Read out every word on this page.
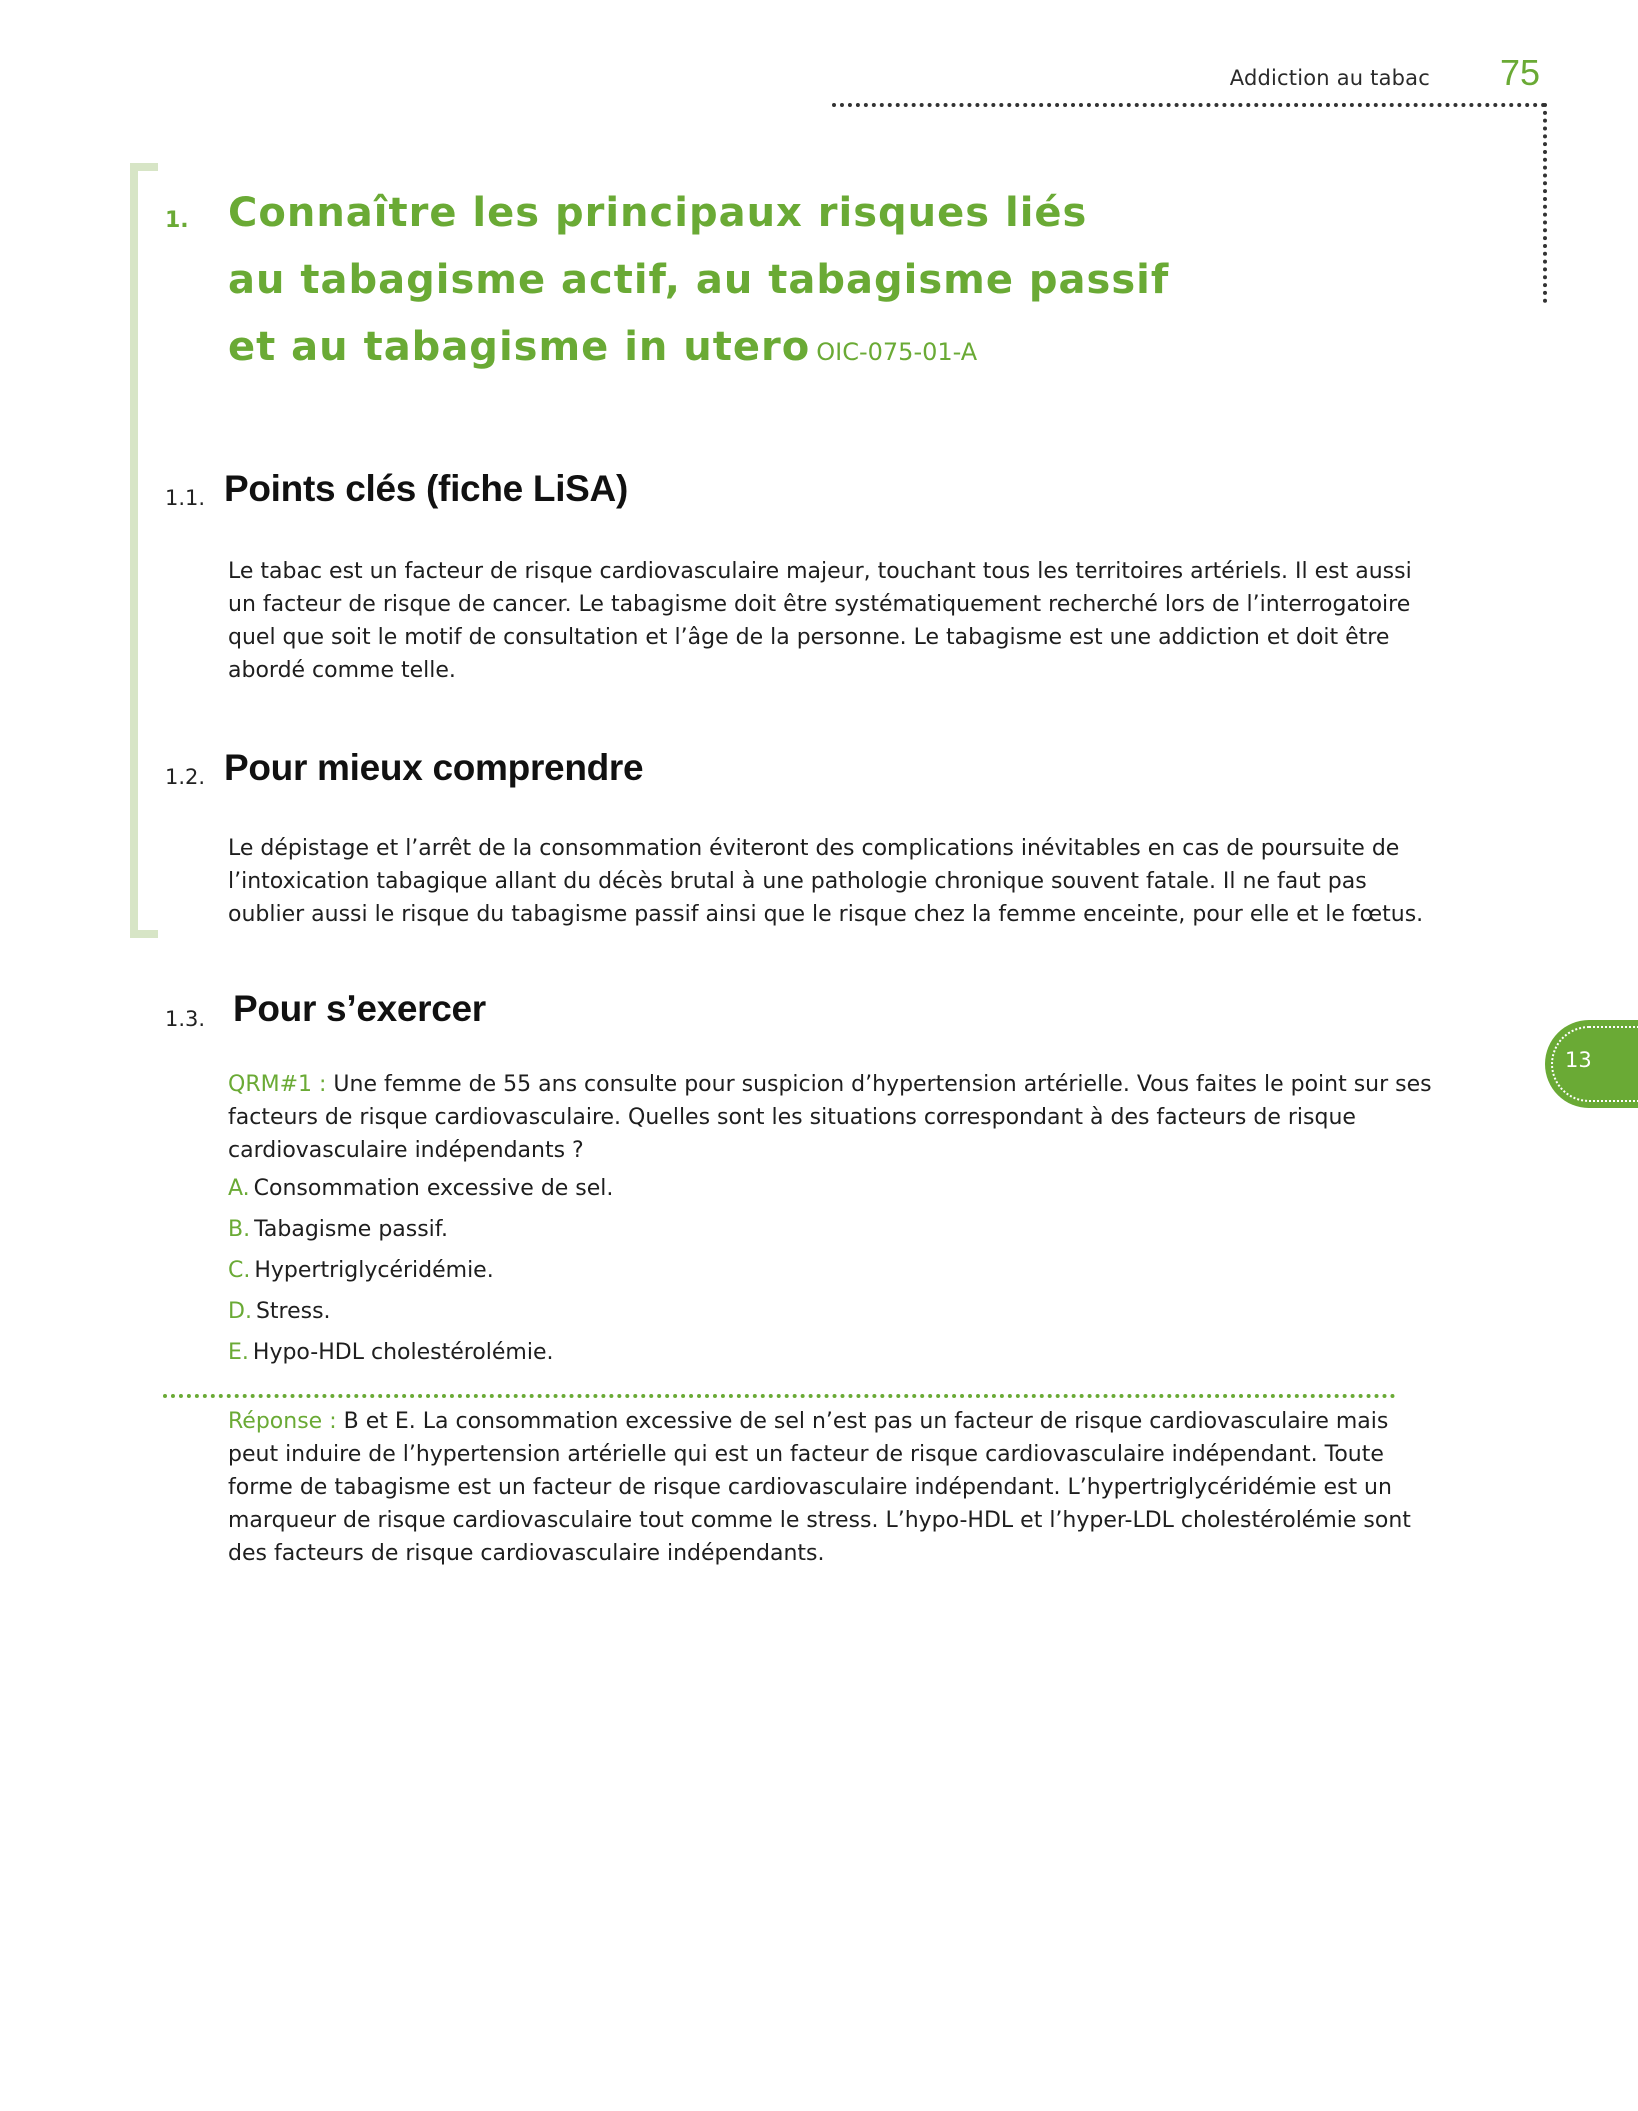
Addiction au tabac 75
1. Connaître les principaux risques liés
au tabagisme actif, au tabagisme passif
et au tabagisme in utero OIC-075-01-A
1.1. Points clés (fiche LiSA)

Le tabac est un facteur de risque cardiovasculaire majeur, touchant tous les territoires artériels. Il est aussi
un facteur de risque de cancer. Le tabagisme doit être systématiquement recherché lors de l’interrogatoire
quel que soit le motif de consultation et l’âge de la personne. Le tabagisme est une addiction et doit être
abordé comme telle.

1.2. Pour mieux comprendre

Le dépistage et l’arrêt de la consommation éviteront des complications inévitables en cas de poursuite de
l’intoxication tabagique allant du décès brutal à une pathologie chronique souvent fatale. Il ne faut pas
oublier aussi le risque du tabagisme passif ainsi que le risque chez la femme enceinte, pour elle et le fœtus.

1.3. Pour s’exercer

QRM#1 : Une femme de 55 ans consulte pour suspicion d’hypertension artérielle. Vous faites le point sur ses
facteurs de risque cardiovasculaire. Quelles sont les situations correspondant à des facteurs de risque
cardiovasculaire indépendants ?

A. Consommation excessive de sel.
B. Tabagisme passif.
C. Hypertriglycéridémie.
D. Stress.
E. Hypo-HDL cholestérolémie.

Réponse : B et E. La consommation excessive de sel n’est pas un facteur de risque cardiovasculaire mais
peut induire de l’hypertension artérielle qui est un facteur de risque cardiovasculaire indépendant. Toute
forme de tabagisme est un facteur de risque cardiovasculaire indépendant. L’hypertriglycéridémie est un
marqueur de risque cardiovasculaire tout comme le stress. L’hypo-HDL et l’hyper-LDL cholestérolémie sont
des facteurs de risque cardiovasculaire indépendants.

13
